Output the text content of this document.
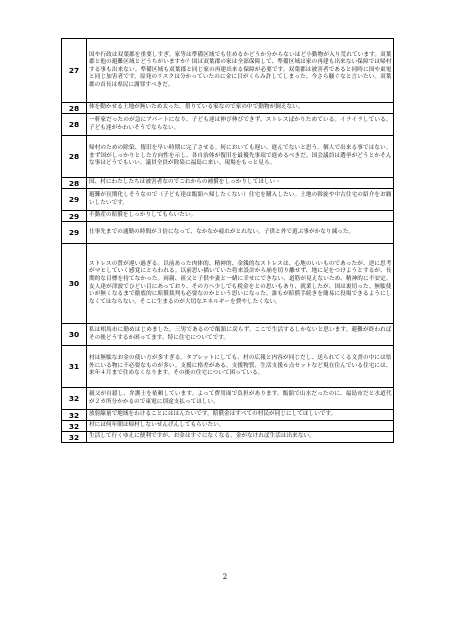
27	国や行政は双葉郡を重要しすぎ。家等は準備区域でも住めるかどうか分からないほど小動物が入り荒れています。双葉郡と他の避難区域とどうちがいますか？国は双葉郡の家は全部保障して、準備区域は家の再建も出来ない保障では帰村する事も出来ない。準備区域も双葉郡と同じ家の再建出来る保障が必要です。双葉郡は被害者であると同時に国や東電と同じ加害者です。原発のリスクは分かっていたのに金に目がくらみ許してしまった。今さら騒ぐなと言いたい。双葉郡の首長は県民に謝罪すべきだ。
28	体を動かせる土地が無いため太った。借りている家なので家の中で動物が飼えない。
28	一軒家だったのが急にアパートになり、子ども達は伸び伸びできず、ストレスばかりためている。イライラしている。子ども達がかわいそうでならない。
28	帰村のための除染、復旧を早い時期に完了させる。何においても遅い、進んでないと思う。個人で出来る事ではない。まず国がしっかりとした方向性を示し、各自治体が復旧を最優先事項で進めるべきだ。国会議員は選挙がどうとかそんな事はどうでもいい。議員全員が除染に福島に来い。現場をもっと見ろ。
28	国、村にわたしたちは被害者なのでこれからの補償をしっかりしてほしい・
29	避難が長期化しそうなので（子ども達は飯舘へ帰したくない）住宅を購入したい。土地の斡旋や中古住宅の紹介をお願いしたいです。
29	不動産の賠償をしっかりしてもらいたい。
29	仕事先までの通勤の時間が３倍になって、なかなか疲れがとれない。子供と外で遊ぶ事がかなり減った。
30	ストレスの質が違い過ぎる。以前あった肉体的、精神的、金銭的なストレスは、心地のいいものであったが、逆に思考がマヒしていく感覚にとらわれる。以前思い描いていた将来設計から崩を切り離せず、地に足をつけようとするが、長期的な目標を持てなかった。両親、祖父と子供や妻と一緒に幸せにできない、道筋が見えないため、精神的に不安定。友人達が津波でひどい目にあっており、その方へ少しでも税金をとの思いもあり、就業したが、国は裏切った。無駄使いが無くなるまで徹底的に賠償裁判も必要なのかという思いになった。誰もが賠償手続きを簡易に役場できるようにしなくてはならない。そこに生まるのが大切なエネルギーを費やしたくない。
30	私は相馬市に勤めはじめました。三男であるので飯舘に戻らず、ここで生活するしかないと思います。避難が終わればその後どうするか困ってます。特に住宅についてです。
31	村は無駄なお金の使い方が多すぎる。タブレットにしても、村の広報と内容が同じだし、送られてくる文書の中には県外にいる物に不必要なものが多い。支援に格差がある。支援物質、生活支援６点セットなど現在住んでいる住宅には、来年４月まで住めなくなります。その後の住宅について困っている。
32	親父が自殺し、弁護士を依頼しています。よって費用面で負担があります。飯舘で山水だったのに、福島市だと水道代が２カ所分かかるので東電に別途支払ってほしい。
32	放射線量で地域をわけることにははんたいです。賠償金はすべての村民が同じにしてほしいです。
32	村には何年間は帰村しないせんげんしてもらいたい。
32	生活して行くゆえに便利ですが、お金はすぐになくなる。金がなければ生活は出来ない。
2
